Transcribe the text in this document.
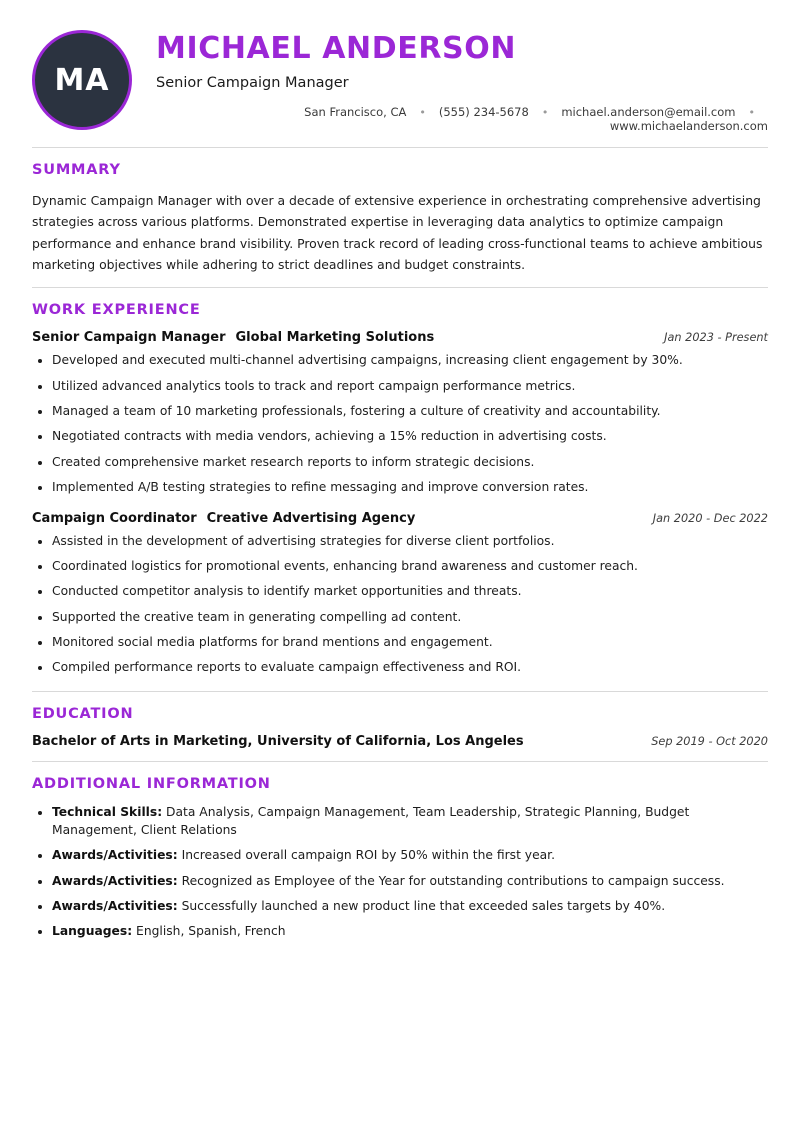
MA
MICHAEL ANDERSON
Senior Campaign Manager
San Francisco, CA • (555) 234-5678 • michael.anderson@email.com •
www.michaelanderson.com
SUMMARY

Dynamic Campaign Manager with over a decade of extensive experience in orchestrating comprehensive advertising strategies across various platforms. Demonstrated expertise in leveraging data analytics to optimize campaign performance and enhance brand visibility. Proven track record of leading cross-functional teams to achieve ambitious marketing objectives while adhering to strict deadlines and budget constraints.

WORK EXPERIENCE
Senior Campaign Manager Global Marketing Solutions	Jan 2023 - Present
Developed and executed multi-channel advertising campaigns, increasing client engagement by 30%.
Utilized advanced analytics tools to track and report campaign performance metrics.
Managed a team of 10 marketing professionals, fostering a culture of creativity and accountability.
Negotiated contracts with media vendors, achieving a 15% reduction in advertising costs.
Created comprehensive market research reports to inform strategic decisions.
Implemented A/B testing strategies to refine messaging and improve conversion rates.
Campaign Coordinator Creative Advertising Agency	Jan 2020 - Dec 2022
Assisted in the development of advertising strategies for diverse client portfolios.
Coordinated logistics for promotional events, enhancing brand awareness and customer reach.
Conducted competitor analysis to identify market opportunities and threats.
Supported the creative team in generating compelling ad content.
Monitored social media platforms for brand mentions and engagement.
Compiled performance reports to evaluate campaign effectiveness and ROI.
EDUCATION
Bachelor of Arts in Marketing, University of California, Los Angeles	Sep 2019 - Oct 2020
ADDITIONAL INFORMATION
Technical Skills: Data Analysis, Campaign Management, Team Leadership, Strategic Planning, Budget Management, Client Relations
Awards/Activities: Increased overall campaign ROI by 50% within the first year.
Awards/Activities: Recognized as Employee of the Year for outstanding contributions to campaign success.
Awards/Activities: Successfully launched a new product line that exceeded sales targets by 40%.
Languages: English, Spanish, French
